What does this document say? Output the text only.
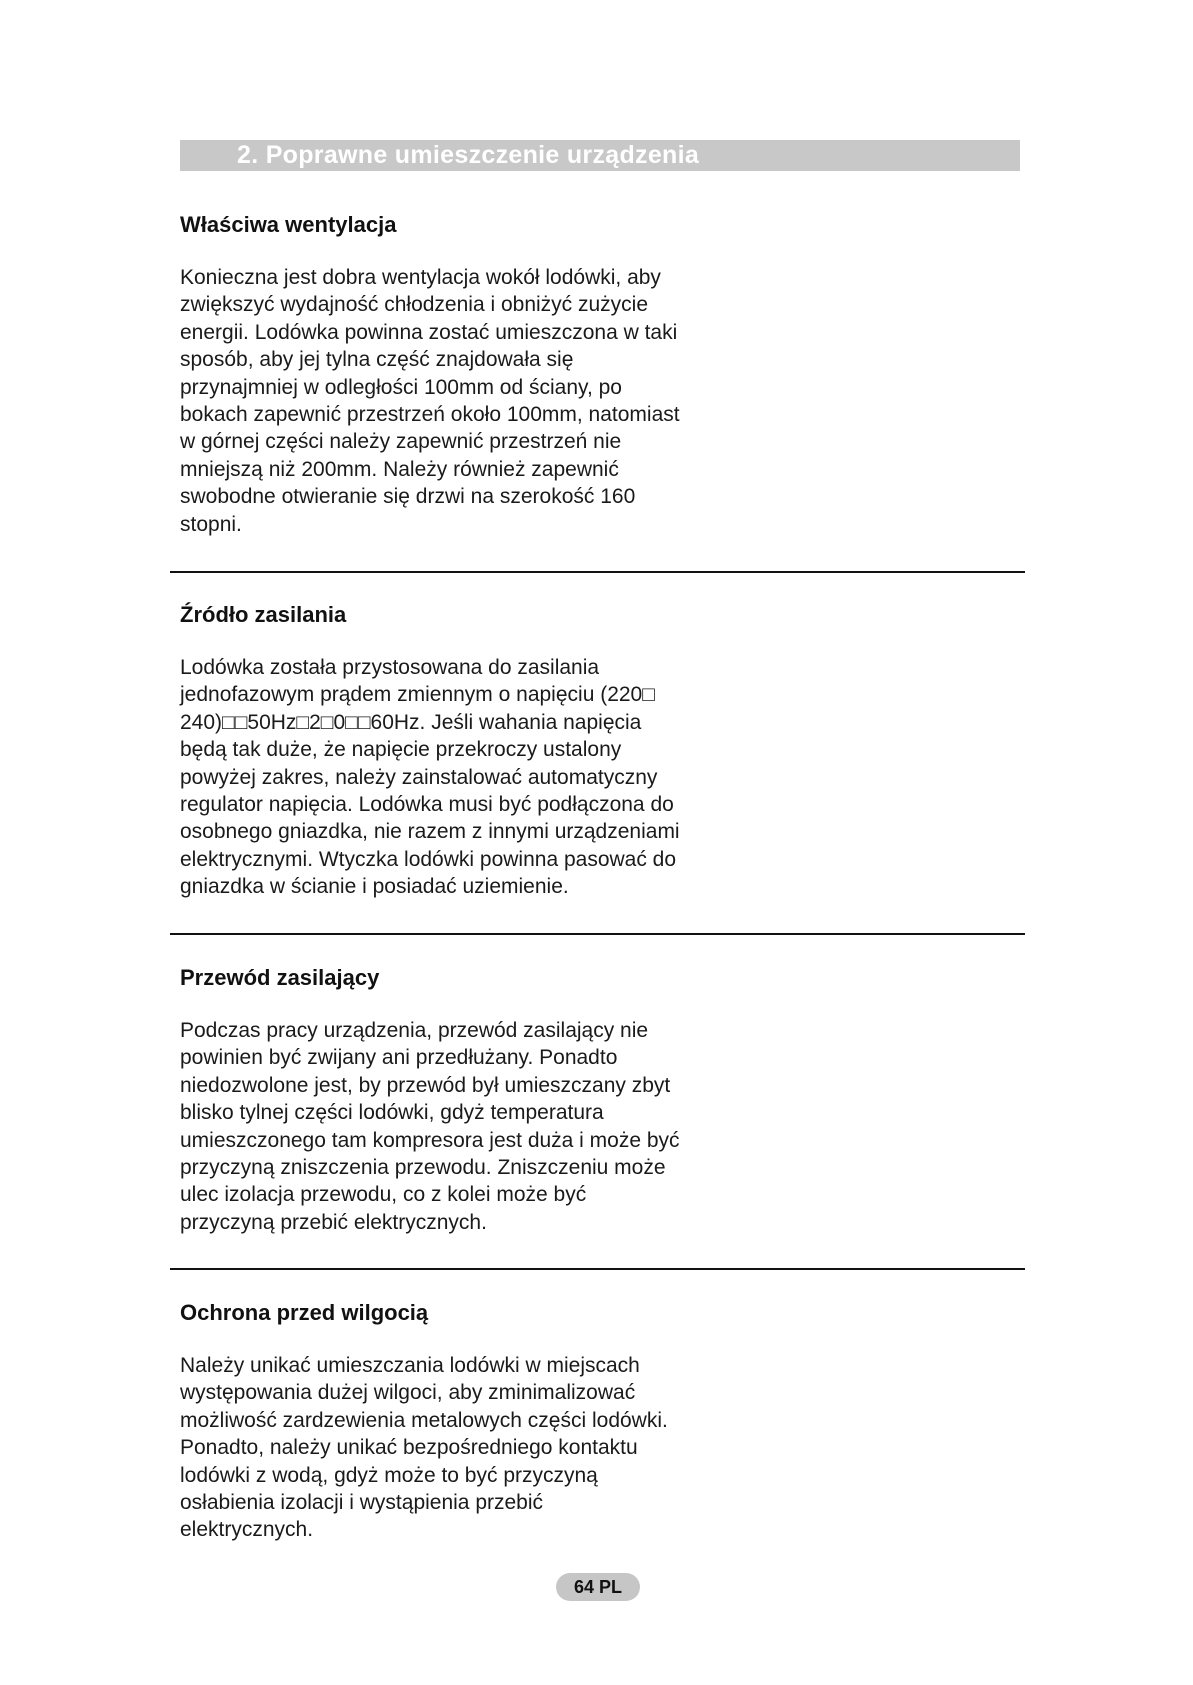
2. Poprawne umieszczenie urządzenia
Właściwa wentylacja

Konieczna jest dobra wentylacja wokół lodówki, aby
zwiększyć wydajność chłodzenia i obniżyć zużycie
energii. Lodówka powinna zostać umieszczona w taki
sposób, aby jej tylna część znajdowała się
przynajmniej w odległości 100mm od ściany, po
bokach zapewnić przestrzeń około 100mm, natomiast
w górnej części należy zapewnić przestrzeń nie
mniejszą niż 200mm. Należy również zapewnić
swobodne otwieranie się drzwi na szerokość 160
stopni.

Źródło zasilania

Lodówka została przystosowana do zasilania
jednofazowym prądem zmiennym o napięciu (220□
240)□□50Hz□2□0□□60Hz. Jeśli wahania napięcia
będą tak duże, że napięcie przekroczy ustalony
powyżej zakres, należy zainstalować automatyczny
regulator napięcia. Lodówka musi być podłączona do
osobnego gniazdka, nie razem z innymi urządzeniami
elektrycznymi. Wtyczka lodówki powinna pasować do
gniazdka w ścianie i posiadać uziemienie.

Przewód zasilający

Podczas pracy urządzenia, przewód zasilający nie
powinien być zwijany ani przedłużany. Ponadto
niedozwolone jest, by przewód był umieszczany zbyt
blisko tylnej części lodówki, gdyż temperatura
umieszczonego tam kompresora jest duża i może być
przyczyną zniszczenia przewodu. Zniszczeniu może
ulec izolacja przewodu, co z kolei może być
przyczyną przebić elektrycznych.

Ochrona przed wilgocią

Należy unikać umieszczania lodówki w miejscach
występowania dużej wilgoci, aby zminimalizować
możliwość zardzewienia metalowych części lodówki.
Ponadto, należy unikać bezpośredniego kontaktu
lodówki z wodą, gdyż może to być przyczyną
osłabienia izolacji i wystąpienia przebić
elektrycznych.

64 PL
